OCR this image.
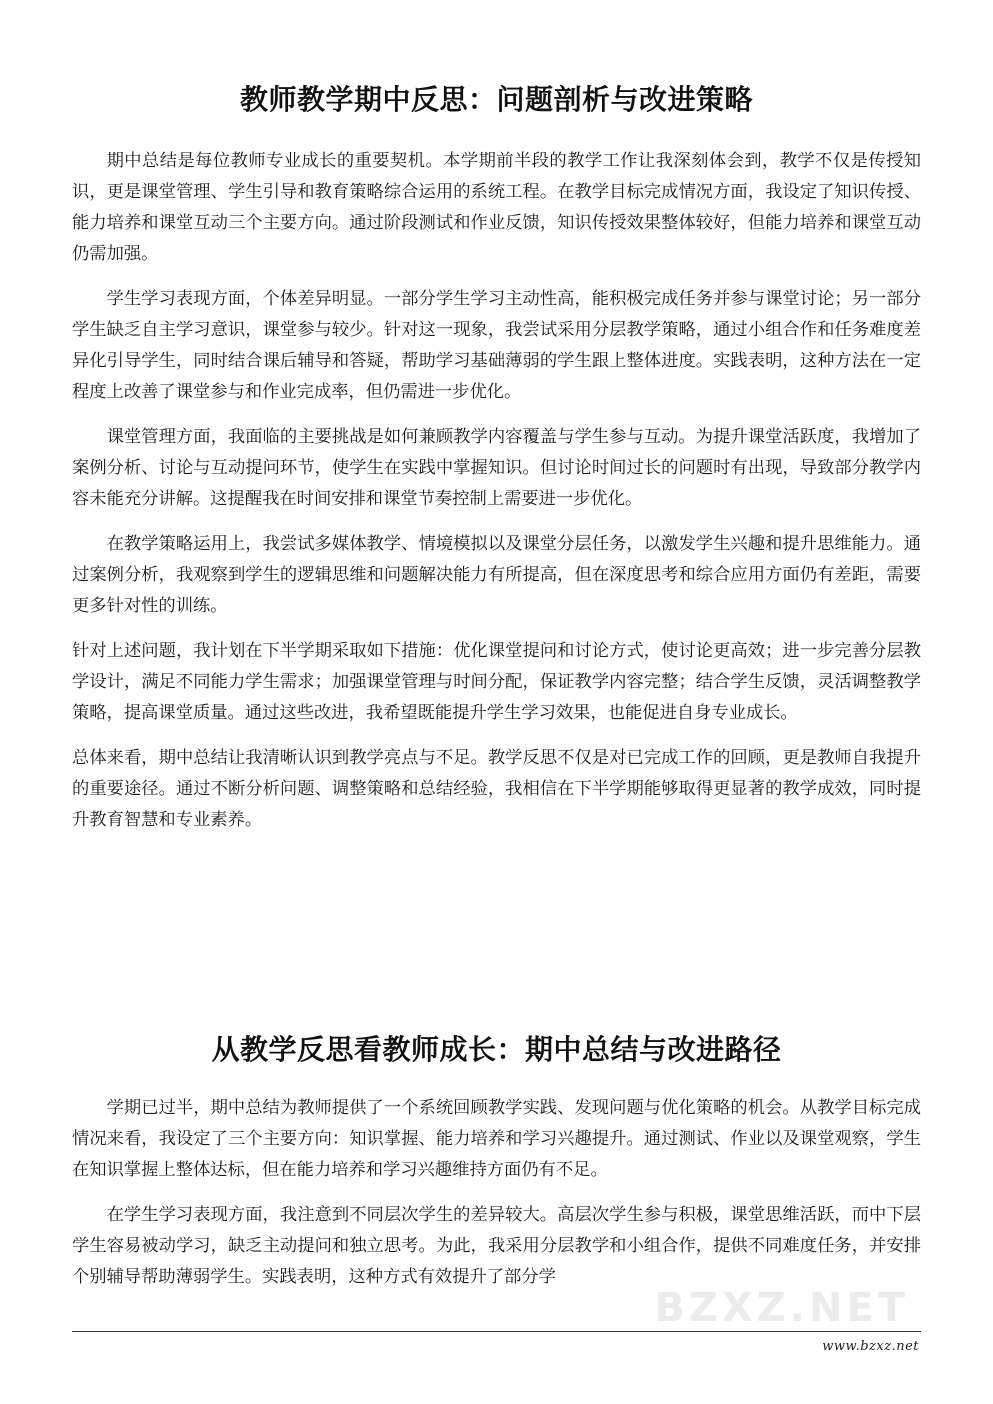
教师教学期中反思：问题剖析与改进策略

期中总结是每位教师专业成长的重要契机。本学期前半段的教学工作让我深刻体会到，教学不仅是传授知识，更是课堂管理、学生引导和教育策略综合运用的系统工程。在教学目标完成情况方面，我设定了知识传授、能力培养和课堂互动三个主要方向。通过阶段测试和作业反馈，知识传授效果整体较好，但能力培养和课堂互动仍需加强。

学生学习表现方面，个体差异明显。一部分学生学习主动性高，能积极完成任务并参与课堂讨论；另一部分学生缺乏自主学习意识，课堂参与较少。针对这一现象，我尝试采用分层教学策略，通过小组合作和任务难度差异化引导学生，同时结合课后辅导和答疑，帮助学习基础薄弱的学生跟上整体进度。实践表明，这种方法在一定程度上改善了课堂参与和作业完成率，但仍需进一步优化。

课堂管理方面，我面临的主要挑战是如何兼顾教学内容覆盖与学生参与互动。为提升课堂活跃度，我增加了案例分析、讨论与互动提问环节，使学生在实践中掌握知识。但讨论时间过长的问题时有出现，导致部分教学内容未能充分讲解。这提醒我在时间安排和课堂节奏控制上需要进一步优化。

在教学策略运用上，我尝试多媒体教学、情境模拟以及课堂分层任务，以激发学生兴趣和提升思维能力。通过案例分析，我观察到学生的逻辑思维和问题解决能力有所提高，但在深度思考和综合应用方面仍有差距，需要更多针对性的训练。

针对上述问题，我计划在下半学期采取如下措施：优化课堂提问和讨论方式，使讨论更高效；进一步完善分层教学设计，满足不同能力学生需求；加强课堂管理与时间分配，保证教学内容完整；结合学生反馈，灵活调整教学策略，提高课堂质量。通过这些改进，我希望既能提升学生学习效果，也能促进自身专业成长。

总体来看，期中总结让我清晰认识到教学亮点与不足。教学反思不仅是对已完成工作的回顾，更是教师自我提升的重要途径。通过不断分析问题、调整策略和总结经验，我相信在下半学期能够取得更显著的教学成效，同时提升教育智慧和专业素养。

从教学反思看教师成长：期中总结与改进路径

学期已过半，期中总结为教师提供了一个系统回顾教学实践、发现问题与优化策略的机会。从教学目标完成情况来看，我设定了三个主要方向：知识掌握、能力培养和学习兴趣提升。通过测试、作业以及课堂观察，学生在知识掌握上整体达标，但在能力培养和学习兴趣维持方面仍有不足。

在学生学习表现方面，我注意到不同层次学生的差异较大。高层次学生参与积极，课堂思维活跃，而中下层学生容易被动学习，缺乏主动提问和独立思考。为此，我采用分层教学和小组合作，提供不同难度任务，并安排个别辅导帮助薄弱学生。实践表明，这种方式有效提升了部分学

BZXZ.NET
www.bzxz.net
